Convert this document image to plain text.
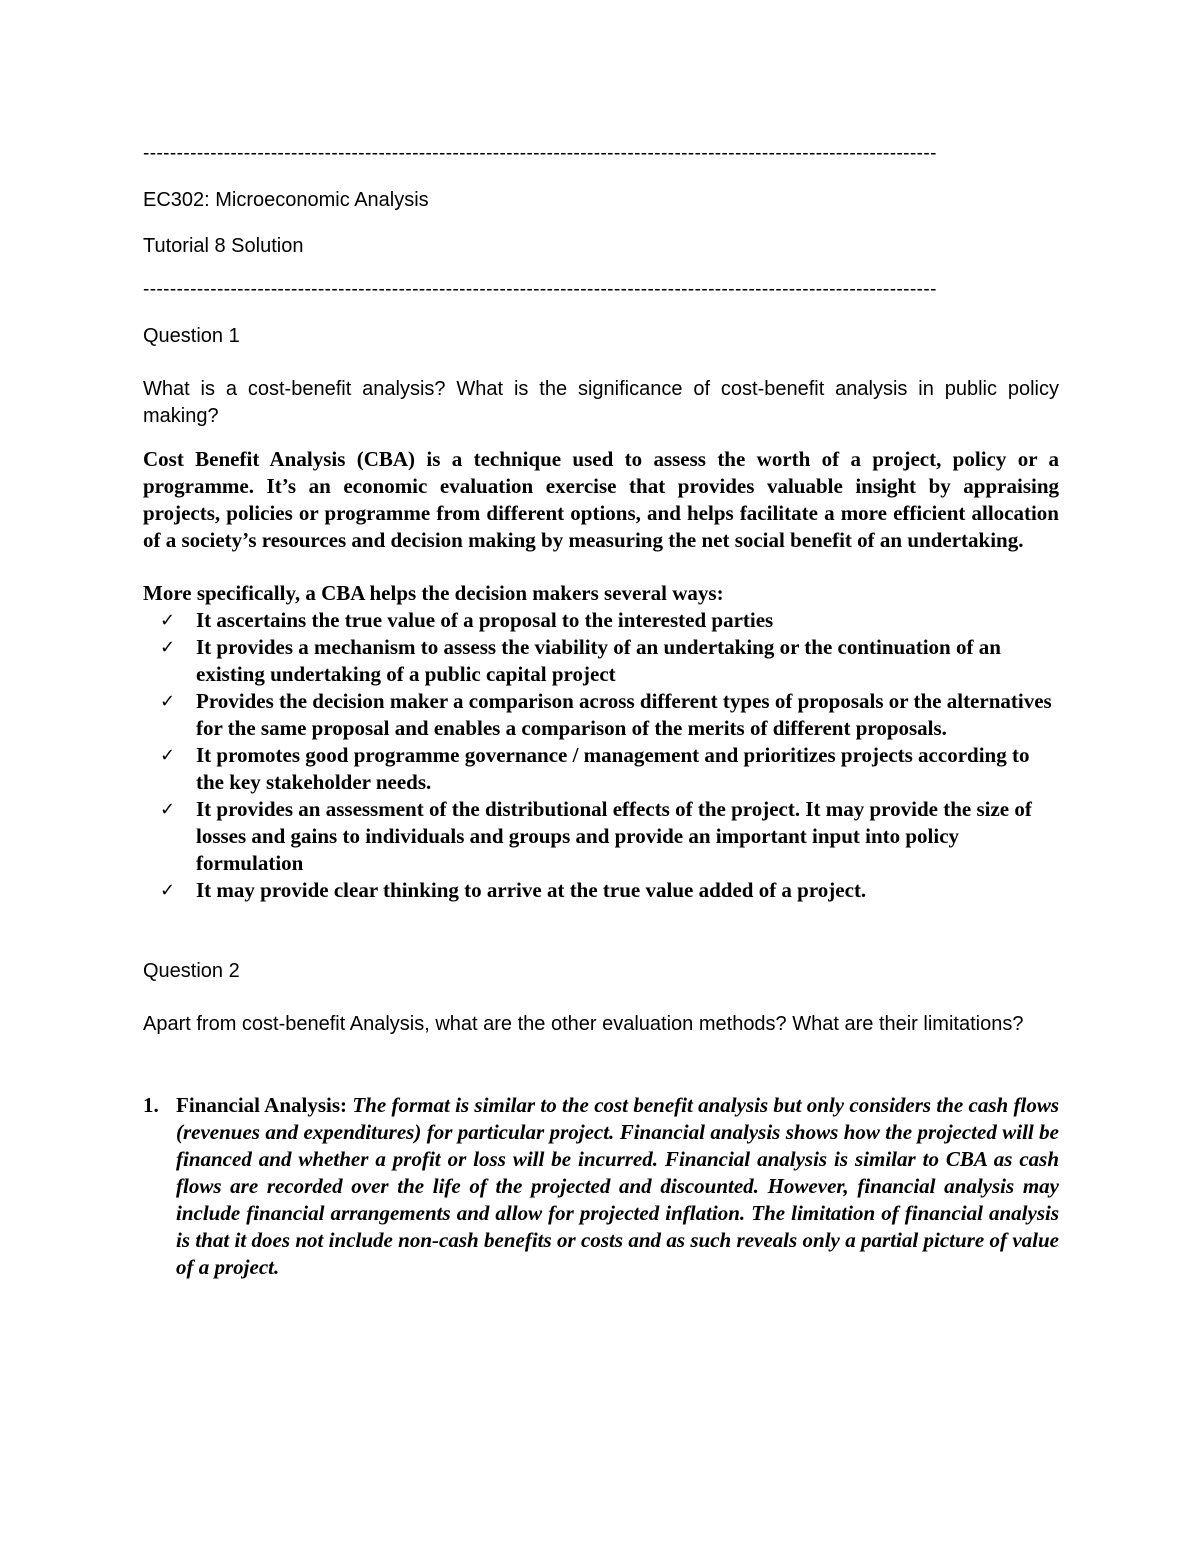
----------------------------------------------------------------------------------------------------------------------
EC302: Microeconomic Analysis
Tutorial 8 Solution
----------------------------------------------------------------------------------------------------------------------
Question 1
What is a cost-benefit analysis? What is the significance of cost-benefit analysis in public policy making?
Cost Benefit Analysis (CBA) is a technique used to assess the worth of a project, policy or a programme. It’s an economic evaluation exercise that provides valuable insight by appraising projects, policies or programme from different options, and helps facilitate a more efficient allocation of a society’s resources and decision making by measuring the net social benefit of an undertaking.
More specifically, a CBA helps the decision makers several ways:
✓ It ascertains the true value of a proposal to the interested parties
✓ It provides a mechanism to assess the viability of an undertaking or the continuation of an existing undertaking of a public capital project
✓ Provides the decision maker a comparison across different types of proposals or the alternatives for the same proposal and enables a comparison of the merits of different proposals.
✓ It promotes good programme governance / management and prioritizes projects according to the key stakeholder needs.
✓ It provides an assessment of the distributional effects of the project. It may provide the size of losses and gains to individuals and groups and provide an important input into policy formulation
✓ It may provide clear thinking to arrive at the true value added of a project.
Question 2
Apart from cost-benefit Analysis, what are the other evaluation methods? What are their limitations?
1. Financial Analysis: The format is similar to the cost benefit analysis but only considers the cash flows (revenues and expenditures) for particular project. Financial analysis shows how the projected will be financed and whether a profit or loss will be incurred. Financial analysis is similar to CBA as cash flows are recorded over the life of the projected and discounted. However, financial analysis may include financial arrangements and allow for projected inflation. The limitation of financial analysis is that it does not include non-cash benefits or costs and as such reveals only a partial picture of value of a project.
